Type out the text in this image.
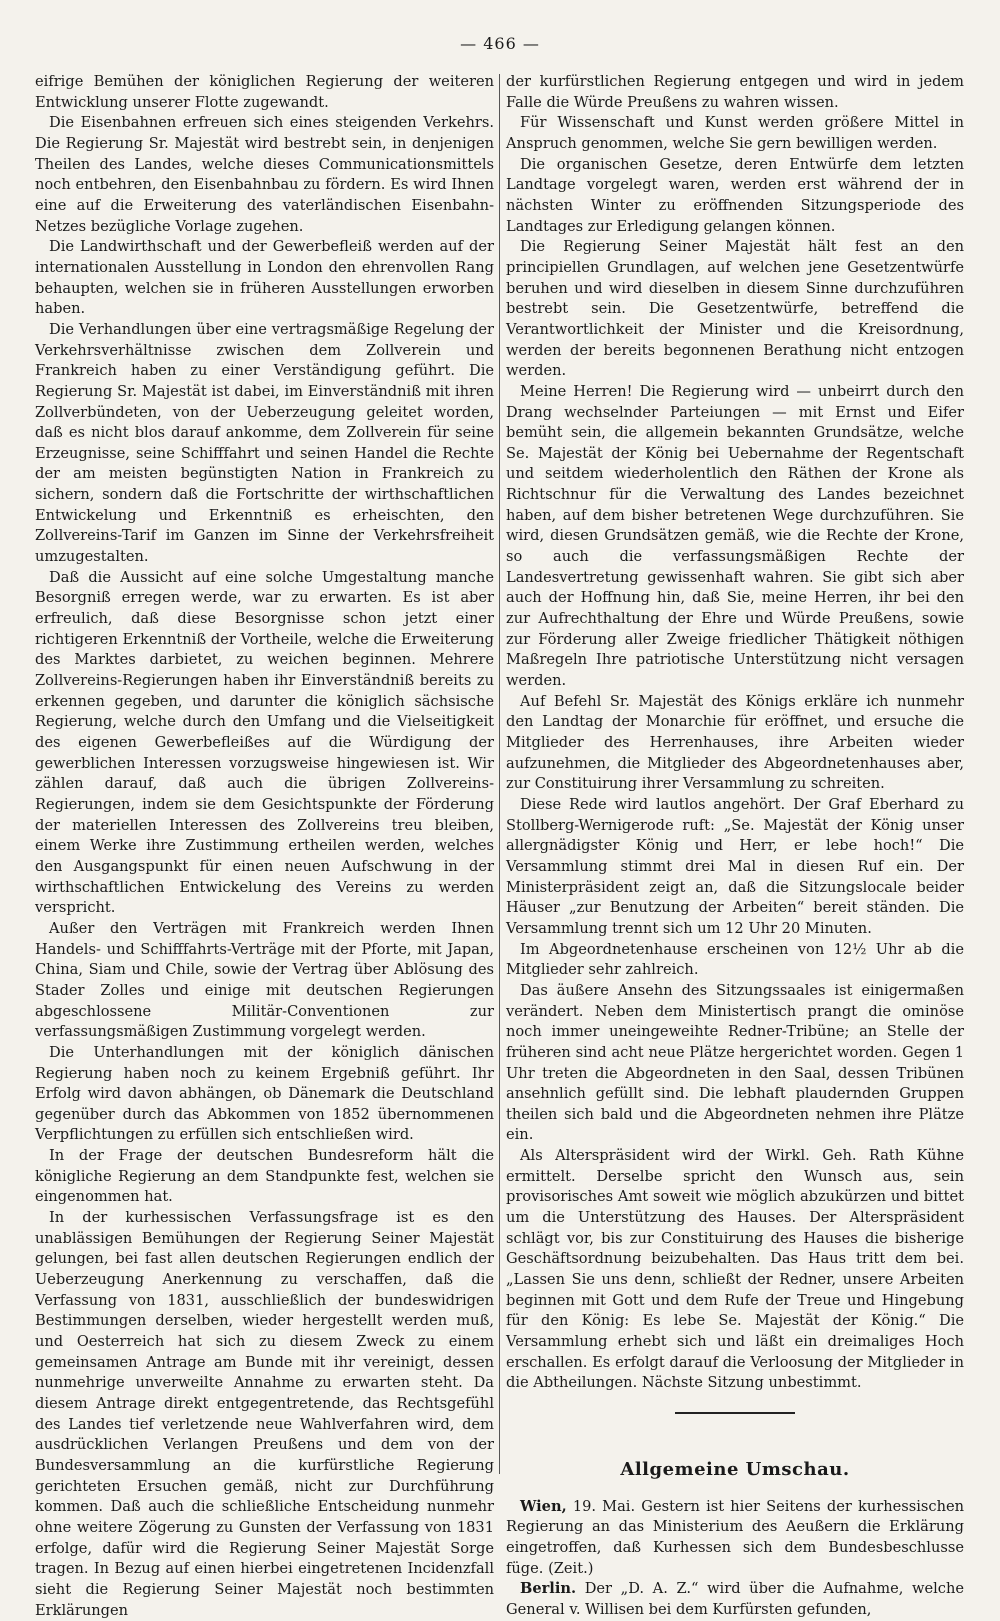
— 466 —

eifrige Bemühen der königlichen Regierung der weiteren Entwicklung unserer Flotte zugewandt.

Die Eisenbahnen erfreuen sich eines steigenden Verkehrs. Die Regierung Sr. Majestät wird bestrebt sein, in denjenigen Theilen des Landes, welche dieses Communicationsmittels noch entbehren, den Eisenbahnbau zu fördern. Es wird Ihnen eine auf die Erweiterung des vaterländischen Eisenbahn-Netzes bezügliche Vorlage zugehen.

Die Landwirthschaft und der Gewerbefleiß werden auf der internationalen Ausstellung in London den ehrenvollen Rang behaupten, welchen sie in früheren Ausstellungen erworben haben.

Die Verhandlungen über eine vertragsmäßige Regelung der Verkehrsverhältnisse zwischen dem Zollverein und Frankreich haben zu einer Verständigung geführt. Die Regierung Sr. Majestät ist dabei, im Einverständniß mit ihren Zollverbündeten, von der Ueberzeugung geleitet worden, daß es nicht blos darauf ankomme, dem Zollverein für seine Erzeugnisse, seine Schifffahrt und seinen Handel die Rechte der am meisten begünstigten Nation in Frankreich zu sichern, sondern daß die Fortschritte der wirthschaftlichen Entwickelung und Erkenntniß es erheischten, den Zollvereins-Tarif im Ganzen im Sinne der Verkehrsfreiheit umzugestalten.

Daß die Aussicht auf eine solche Umgestaltung manche Besorgniß erregen werde, war zu erwarten. Es ist aber erfreulich, daß diese Besorgnisse schon jetzt einer richtigeren Erkenntniß der Vortheile, welche die Erweiterung des Marktes darbietet, zu weichen beginnen. Mehrere Zollvereins-Regierungen haben ihr Einverständniß bereits zu erkennen gegeben, und darunter die königlich sächsische Regierung, welche durch den Umfang und die Vielseitigkeit des eigenen Gewerbefleißes auf die Würdigung der gewerblichen Interessen vorzugsweise hingewiesen ist. Wir zählen darauf, daß auch die übrigen Zollvereins-Regierungen, indem sie dem Gesichtspunkte der Förderung der materiellen Interessen des Zollvereins treu bleiben, einem Werke ihre Zustimmung ertheilen werden, welches den Ausgangspunkt für einen neuen Aufschwung in der wirthschaftlichen Entwickelung des Vereins zu werden verspricht.

Außer den Verträgen mit Frankreich werden Ihnen Handels- und Schifffahrts-Verträge mit der Pforte, mit Japan, China, Siam und Chile, sowie der Vertrag über Ablösung des Stader Zolles und einige mit deutschen Regierungen abgeschlossene Militär-Conventionen zur verfassungsmäßigen Zustimmung vorgelegt werden.

Die Unterhandlungen mit der königlich dänischen Regierung haben noch zu keinem Ergebniß geführt. Ihr Erfolg wird davon abhängen, ob Dänemark die Deutschland gegenüber durch das Abkommen von 1852 übernommenen Verpflichtungen zu erfüllen sich entschließen wird.

In der Frage der deutschen Bundesreform hält die königliche Regierung an dem Standpunkte fest, welchen sie eingenommen hat.

In der kurhessischen Verfassungsfrage ist es den unablässigen Bemühungen der Regierung Seiner Majestät gelungen, bei fast allen deutschen Regierungen endlich der Ueberzeugung Anerkennung zu verschaffen, daß die Verfassung von 1831, ausschließlich der bundeswidrigen Bestimmungen derselben, wieder hergestellt werden muß, und Oesterreich hat sich zu diesem Zweck zu einem gemeinsamen Antrage am Bunde mit ihr vereinigt, dessen nunmehrige unverweilte Annahme zu erwarten steht. Da diesem Antrage direkt entgegentretende, das Rechtsgefühl des Landes tief verletzende neue Wahlverfahren wird, dem ausdrücklichen Verlangen Preußens und dem von der Bundesversammlung an die kurfürstliche Regierung gerichteten Ersuchen gemäß, nicht zur Durchführung kommen. Daß auch die schließliche Entscheidung nunmehr ohne weitere Zögerung zu Gunsten der Verfassung von 1831 erfolge, dafür wird die Regierung Seiner Majestät Sorge tragen. In Bezug auf einen hierbei eingetretenen Incidenzfall sieht die Regierung Seiner Majestät noch bestimmten Erklärungen

der kurfürstlichen Regierung entgegen und wird in jedem Falle die Würde Preußens zu wahren wissen.

Für Wissenschaft und Kunst werden größere Mittel in Anspruch genommen, welche Sie gern bewilligen werden.

Die organischen Gesetze, deren Entwürfe dem letzten Landtage vorgelegt waren, werden erst während der in nächsten Winter zu eröffnenden Sitzungsperiode des Landtages zur Erledigung gelangen können.

Die Regierung Seiner Majestät hält fest an den principiellen Grundlagen, auf welchen jene Gesetzentwürfe beruhen und wird dieselben in diesem Sinne durchzuführen bestrebt sein. Die Gesetzentwürfe, betreffend die Verantwortlichkeit der Minister und die Kreisordnung, werden der bereits begonnenen Berathung nicht entzogen werden.

Meine Herren! Die Regierung wird — unbeirrt durch den Drang wechselnder Parteiungen — mit Ernst und Eifer bemüht sein, die allgemein bekannten Grundsätze, welche Se. Majestät der König bei Uebernahme der Regentschaft und seitdem wiederholentlich den Räthen der Krone als Richtschnur für die Verwaltung des Landes bezeichnet haben, auf dem bisher betretenen Wege durchzuführen. Sie wird, diesen Grundsätzen gemäß, wie die Rechte der Krone, so auch die verfassungsmäßigen Rechte der Landesvertretung gewissenhaft wahren. Sie gibt sich aber auch der Hoffnung hin, daß Sie, meine Herren, ihr bei den zur Aufrechthaltung der Ehre und Würde Preußens, sowie zur Förderung aller Zweige friedlicher Thätigkeit nöthigen Maßregeln Ihre patriotische Unterstützung nicht versagen werden.

Auf Befehl Sr. Majestät des Königs erkläre ich nunmehr den Landtag der Monarchie für eröffnet, und ersuche die Mitglieder des Herrenhauses, ihre Arbeiten wieder aufzunehmen, die Mitglieder des Abgeordnetenhauses aber, zur Constituirung ihrer Versammlung zu schreiten.

Diese Rede wird lautlos angehört. Der Graf Eberhard zu Stollberg-Wernigerode ruft: „Se. Majestät der König unser allergnädigster König und Herr, er lebe hoch!“ Die Versammlung stimmt drei Mal in diesen Ruf ein. Der Ministerpräsident zeigt an, daß die Sitzungslocale beider Häuser „zur Benutzung der Arbeiten“ bereit ständen. Die Versammlung trennt sich um 12 Uhr 20 Minuten.

Im Abgeordnetenhause erscheinen von 12½ Uhr ab die Mitglieder sehr zahlreich.

Das äußere Ansehn des Sitzungssaales ist einigermaßen verändert. Neben dem Ministertisch prangt die ominöse noch immer uneingeweihte Redner-Tribüne; an Stelle der früheren sind acht neue Plätze hergerichtet worden. Gegen 1 Uhr treten die Abgeordneten in den Saal, dessen Tribünen ansehnlich gefüllt sind. Die lebhaft plaudernden Gruppen theilen sich bald und die Abgeordneten nehmen ihre Plätze ein.

Als Alterspräsident wird der Wirkl. Geh. Rath Kühne ermittelt. Derselbe spricht den Wunsch aus, sein provisorisches Amt soweit wie möglich abzukürzen und bittet um die Unterstützung des Hauses. Der Alterspräsident schlägt vor, bis zur Constituirung des Hauses die bisherige Geschäftsordnung beizubehalten. Das Haus tritt dem bei. „Lassen Sie uns denn, schließt der Redner, unsere Arbeiten beginnen mit Gott und dem Rufe der Treue und Hingebung für den König: Es lebe Se. Majestät der König.“ Die Versammlung erhebt sich und läßt ein dreimaliges Hoch erschallen. Es erfolgt darauf die Verloosung der Mitglieder in die Abtheilungen. Nächste Sitzung unbestimmt.

Allgemeine Umschau.

Wien, 19. Mai. Gestern ist hier Seitens der kurhessischen Regierung an das Ministerium des Aeußern die Erklärung eingetroffen, daß Kurhessen sich dem Bundesbeschlusse füge. (Zeit.)

Berlin. Der „D. A. Z.“ wird über die Aufnahme, welche General v. Willisen bei dem Kurfürsten gefunden,
